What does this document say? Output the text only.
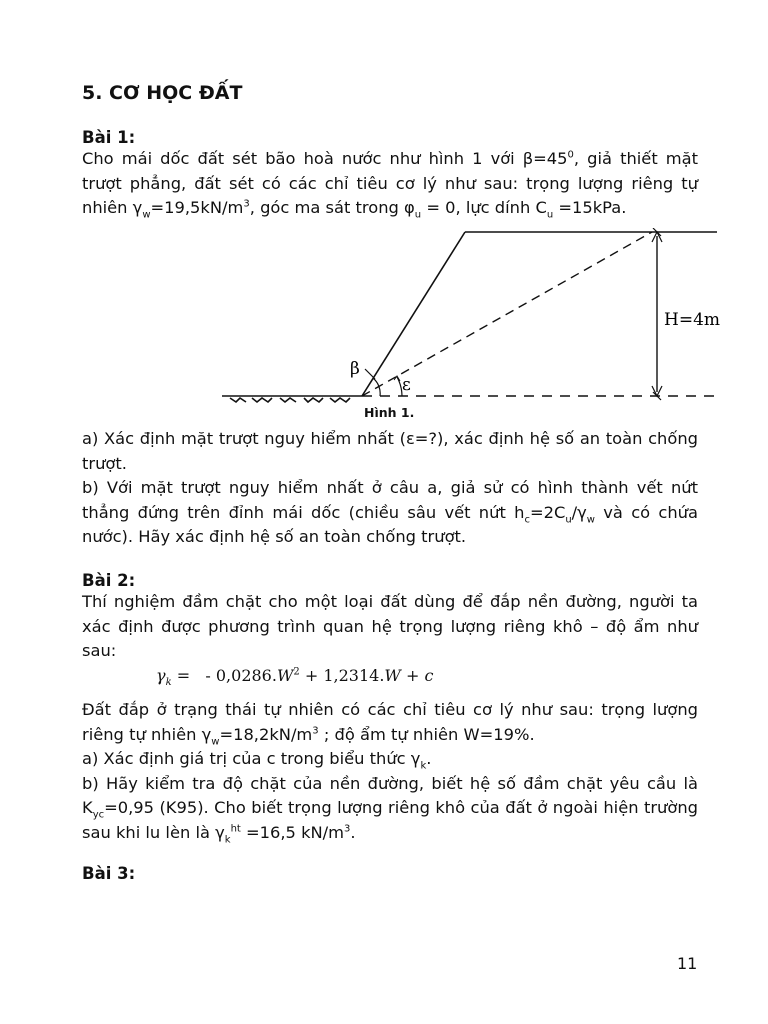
5. CƠ HỌC ĐẤT

Bài 1:

Cho mái dốc đất sét bão hoà nước như hình 1 với $\beta=45^0$, giả thiết mặt trượt phẳng, đất sét có các chỉ tiêu cơ lý như sau: trọng lượng riêng tự nhiên $\gamma_w=19,5kN/m^3$, góc ma sát trong $\varphi_u = 0$, lực dính $C_u =15kPa$.

β
ε
H=4m
Hình 1.

a) Xác định mặt trượt nguy hiểm nhất (ε=?), xác định hệ số an toàn chống trượt.

b) Với mặt trượt nguy hiểm nhất ở câu a, giả sử có hình thành vết nứt thẳng đứng trên đỉnh mái dốc (chiều sâu vết nứt $h_c=2C_u/\gamma_w$ và có chứa nước). Hãy xác định hệ số an toàn chống trượt.

Bài 2:

Thí nghiệm đầm chặt cho một loại đất dùng để đắp nền đường, người ta xác định được phương trình quan hệ trọng lượng riêng khô – độ ẩm như sau:

$\gamma_k$ =   - $0,0286.W^2 + 1,2314.W + c$

Đất đắp ở trạng thái tự nhiên có các chỉ tiêu cơ lý như sau: trọng lượng riêng tự nhiên $\gamma_w=18,2kN/m^3$ ; độ ẩm tự nhiên W=19%.

a) Xác định giá trị của c trong biểu thức $\gamma_k$.

b) Hãy kiểm tra độ chặt của nền đường, biết hệ số đầm chặt yêu cầu là $K_{yc}=0,95$ (K95). Cho biết trọng lượng riêng khô của đất ở ngoài hiện trường sau khi lu lèn là $\gamma_k^{ht} =16,5$ $kN/m^3$.

Bài 3:

11
